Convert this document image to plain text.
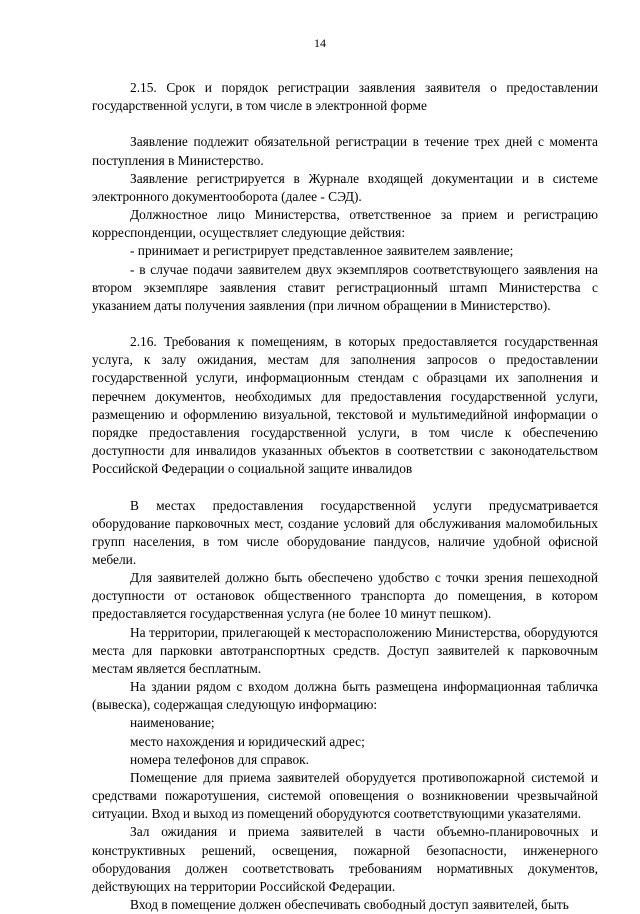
14

2.15. Срок и порядок регистрации заявления заявителя о предоставлении государственной услуги, в том числе в электронной форме

Заявление подлежит обязательной регистрации в течение трех дней с момента поступления в Министерство.

Заявление регистрируется в Журнале входящей документации и в системе электронного документооборота (далее - СЭД).

Должностное лицо Министерства, ответственное за прием и регистрацию корреспонденции, осуществляет следующие действия:

- принимает и регистрирует представленное заявителем заявление;

- в случае подачи заявителем двух экземпляров соответствующего заявления на втором экземпляре заявления ставит регистрационный штамп Министерства с указанием даты получения заявления (при личном обращении в Министерство).

2.16. Требования к помещениям, в которых предоставляется государственная услуга, к залу ожидания, местам для заполнения запросов о предоставлении государственной услуги, информационным стендам с образцами их заполнения и перечнем документов, необходимых для предоставления государственной услуги, размещению и оформлению визуальной, текстовой и мультимедийной информации о порядке предоставления государственной услуги, в том числе к обеспечению доступности для инвалидов указанных объектов в соответствии с законодательством Российской Федерации о социальной защите инвалидов

В местах предоставления государственной услуги предусматривается оборудование парковочных мест, создание условий для обслуживания маломобильных групп населения, в том числе оборудование пандусов, наличие удобной офисной мебели.

Для заявителей должно быть обеспечено удобство с точки зрения пешеходной доступности от остановок общественного транспорта до помещения, в котором предоставляется государственная услуга (не более 10 минут пешком).

На территории, прилегающей к месторасположению Министерства, оборудуются места для парковки автотранспортных средств. Доступ заявителей к парковочным местам является бесплатным.

На здании рядом с входом должна быть размещена информационная табличка (вывеска), содержащая следующую информацию:

наименование;

место нахождения и юридический адрес;

номера телефонов для справок.

Помещение для приема заявителей оборудуется противопожарной системой и средствами пожаротушения, системой оповещения о возникновении чрезвычайной ситуации. Вход и выход из помещений оборудуются соответствующими указателями.

Зал ожидания и приема заявителей в части объемно-планировочных и конструктивных решений, освещения, пожарной безопасности, инженерного оборудования должен соответствовать требованиям нормативных документов, действующих на территории Российской Федерации.

Вход в помещение должен обеспечивать свободный доступ заявителей, быть
